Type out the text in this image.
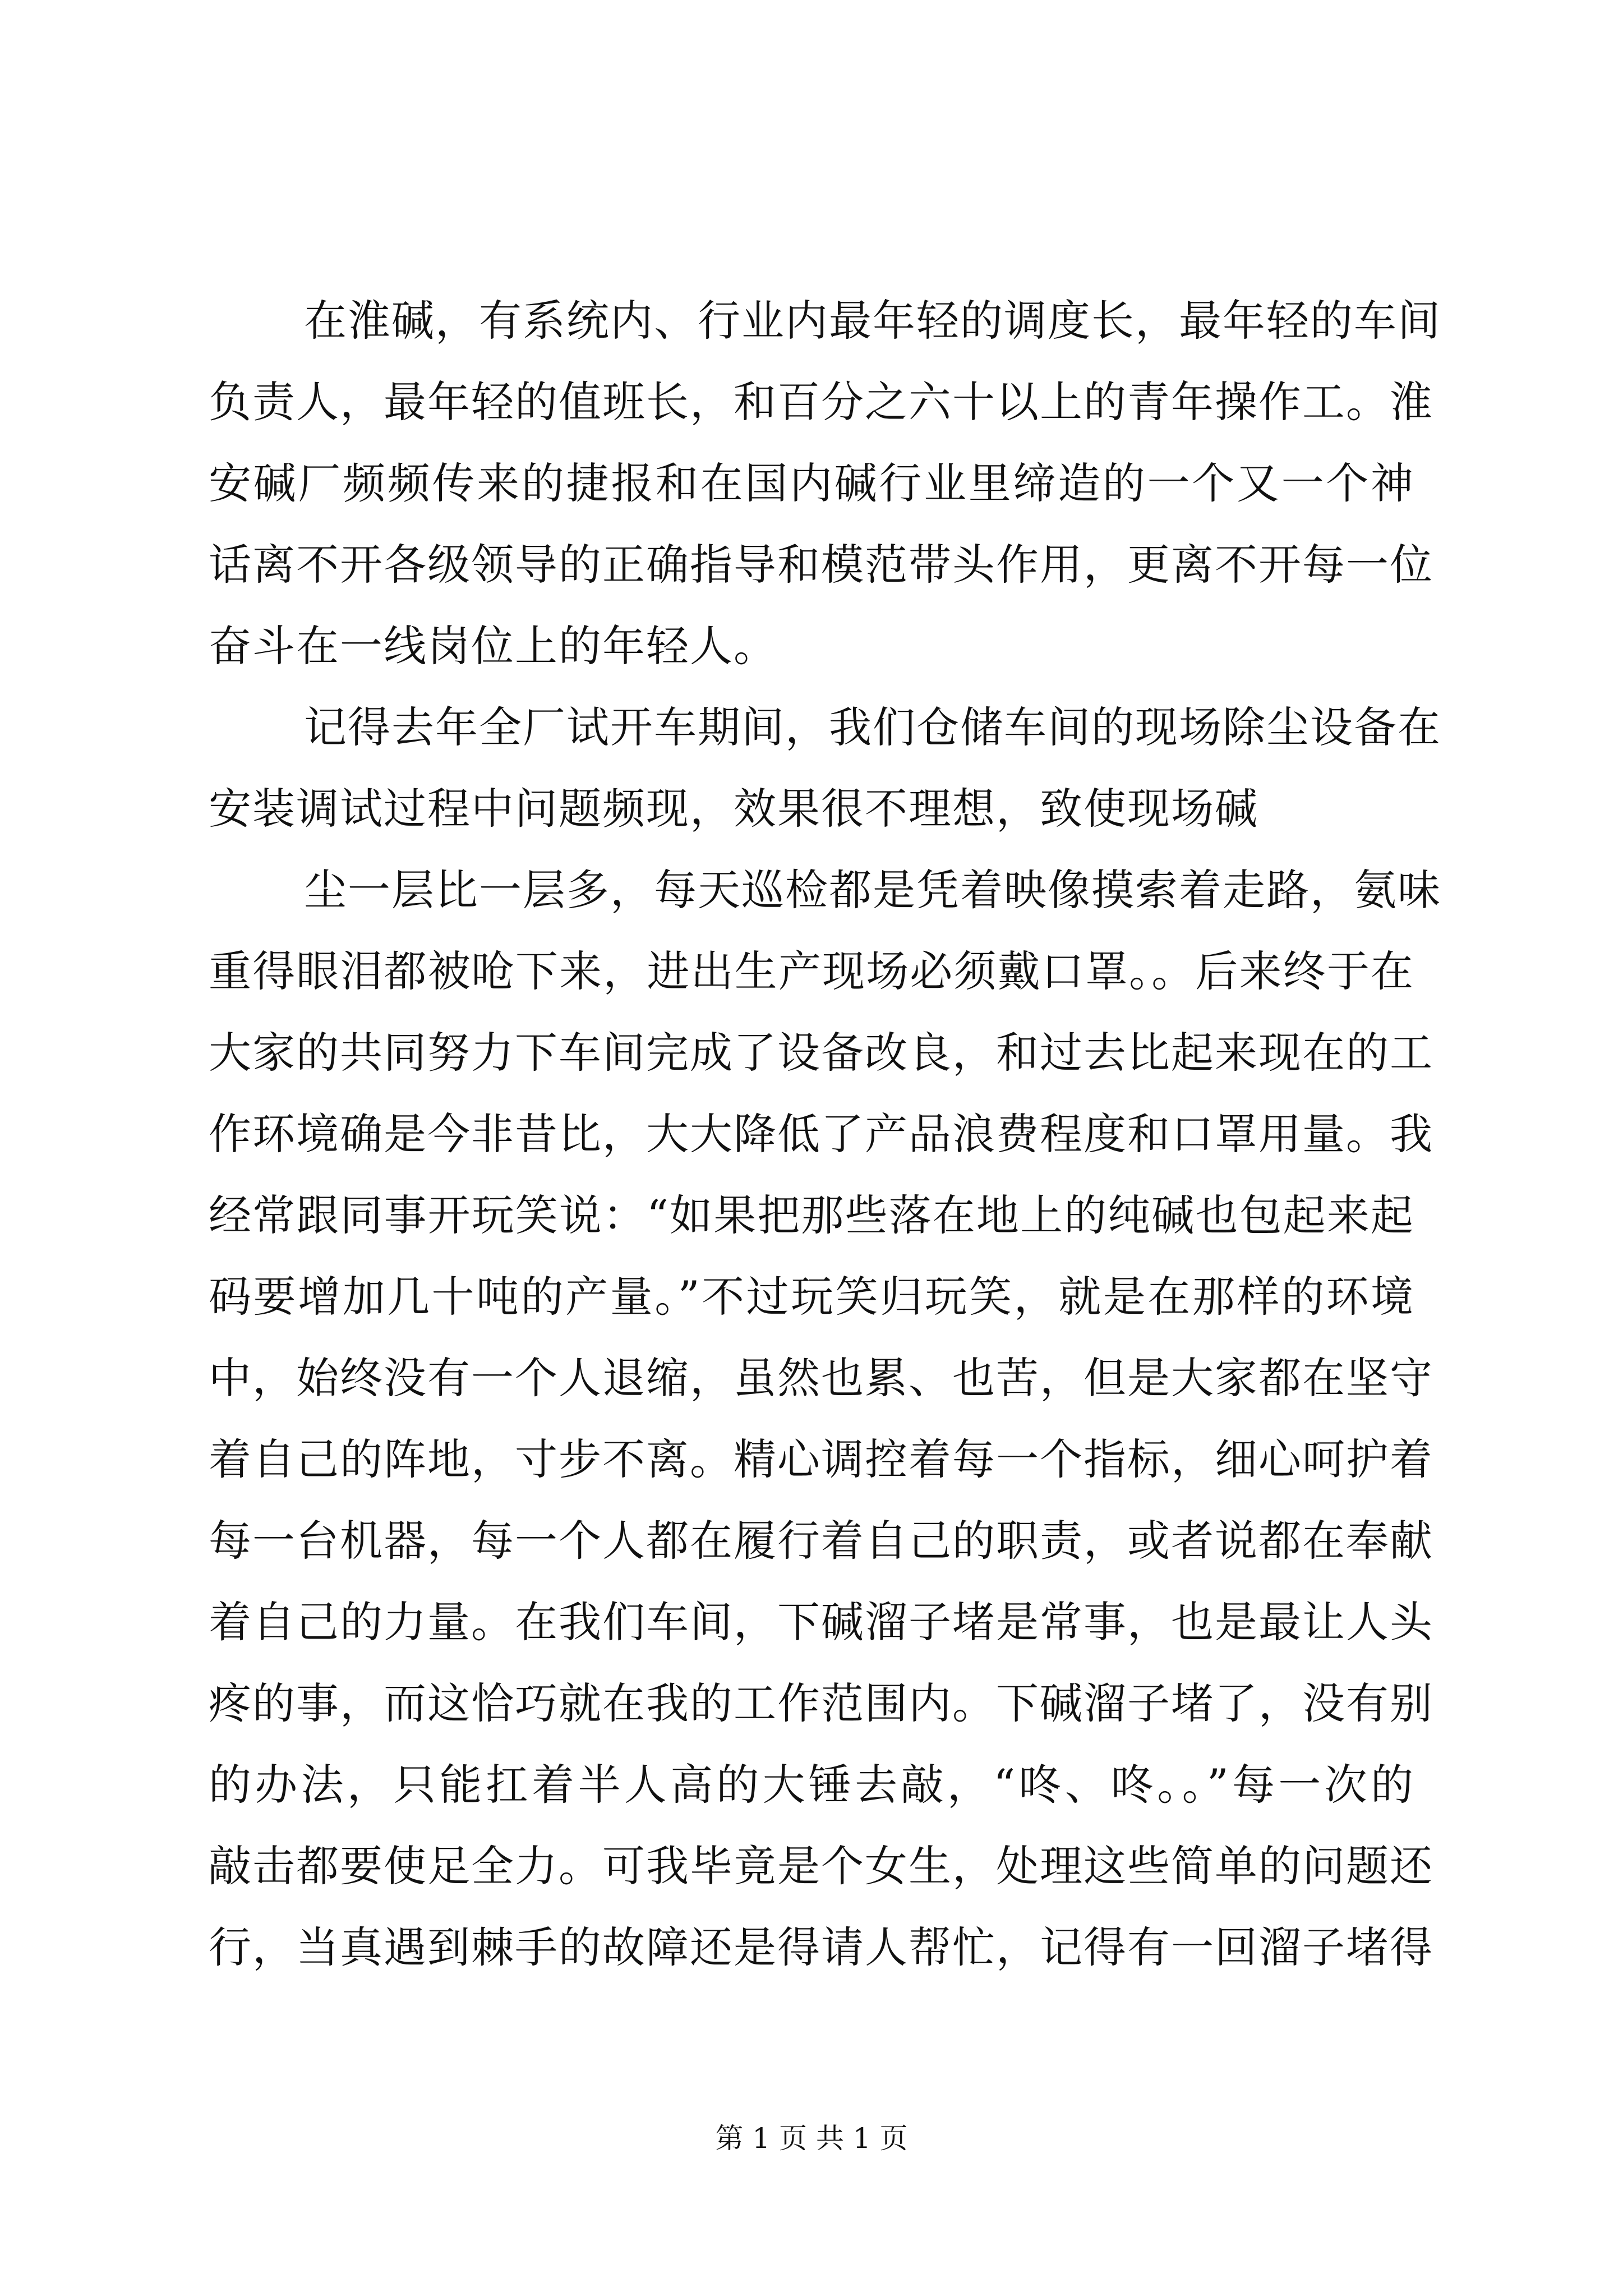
在淮碱，有系统内、行业内最年轻的调度长，最年轻的车间
负责人，最年轻的值班长，和百分之六十以上的青年操作工。淮
安碱厂频频传来的捷报和在国内碱行业里缔造的一个又一个神
话离不开各级领导的正确指导和模范带头作用，更离不开每一位
奋斗在一线岗位上的年轻人。
记得去年全厂试开车期间，我们仓储车间的现场除尘设备在
安装调试过程中问题频现，效果很不理想，致使现场碱
尘一层比一层多，每天巡检都是凭着映像摸索着走路，氨味
重得眼泪都被呛下来，进出生产现场必须戴口罩。。后来终于在
大家的共同努力下车间完成了设备改良，和过去比起来现在的工
作环境确是今非昔比，大大降低了产品浪费程度和口罩用量。我
经常跟同事开玩笑说：“如果把那些落在地上的纯碱也包起来起
码要增加几十吨的产量。”不过玩笑归玩笑，就是在那样的环境
中，始终没有一个人退缩，虽然也累、也苦，但是大家都在坚守
着自己的阵地，寸步不离。精心调控着每一个指标，细心呵护着
每一台机器，每一个人都在履行着自己的职责，或者说都在奉献
着自己的力量。在我们车间，下碱溜子堵是常事，也是最让人头
疼的事，而这恰巧就在我的工作范围内。下碱溜子堵了，没有别
的办法，只能扛着半人高的大锤去敲，“咚、咚。。”每一次的
敲击都要使足全力。可我毕竟是个女生，处理这些简单的问题还
行，当真遇到棘手的故障还是得请人帮忙，记得有一回溜子堵得
第 1 页 共 1 页
